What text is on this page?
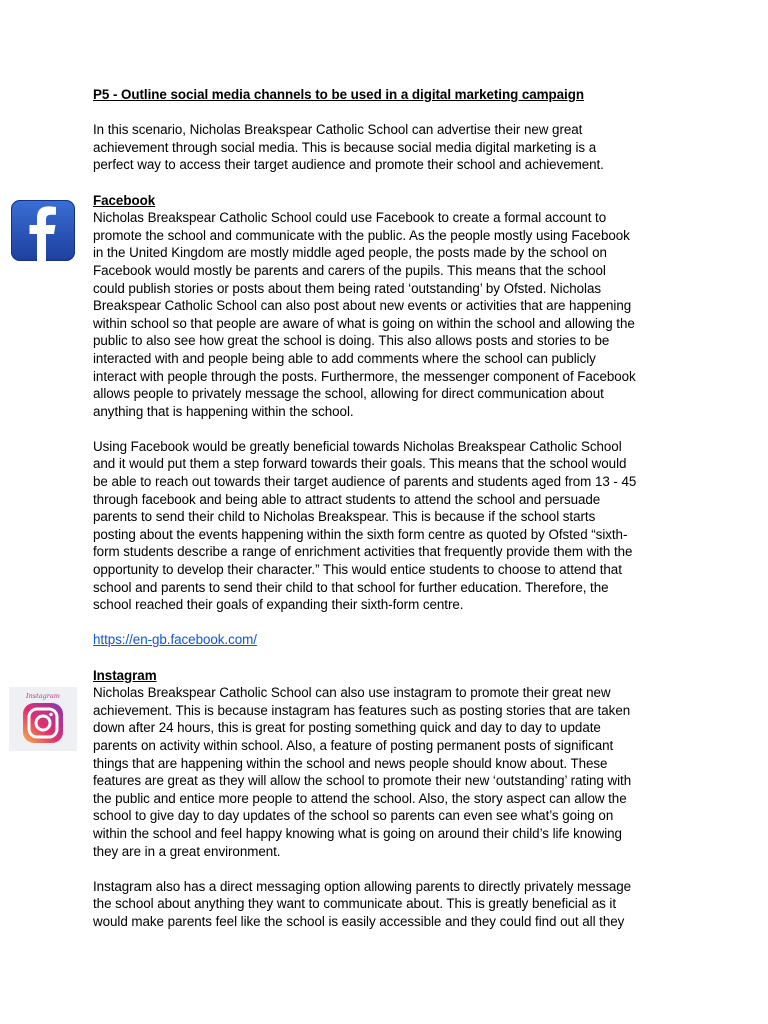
Instagram

P5 - Outline social media channels to be used in a digital marketing campaign

In this scenario, Nicholas Breakspear Catholic School can advertise their new great

achievement through social media. This is because social media digital marketing is a

perfect way to access their target audience and promote their school and achievement.

Facebook

Nicholas Breakspear Catholic School could use Facebook to create a formal account to

promote the school and communicate with the public. As the people mostly using Facebook

in the United Kingdom are mostly middle aged people, the posts made by the school on

Facebook would mostly be parents and carers of the pupils. This means that the school

could publish stories or posts about them being rated ‘outstanding’ by Ofsted. Nicholas

Breakspear Catholic School can also post about new events or activities that are happening

within school so that people are aware of what is going on within the school and allowing the

public to also see how great the school is doing. This also allows posts and stories to be

interacted with and people being able to add comments where the school can publicly

interact with people through the posts. Furthermore, the messenger component of Facebook

allows people to privately message the school, allowing for direct communication about

anything that is happening within the school.

Using Facebook would be greatly beneficial towards Nicholas Breakspear Catholic School

and it would put them a step forward towards their goals. This means that the school would

be able to reach out towards their target audience of parents and students aged from 13 - 45

through facebook and being able to attract students to attend the school and persuade

parents to send their child to Nicholas Breakspear. This is because if the school starts

posting about the events happening within the sixth form centre as quoted by Ofsted “sixth-

form students describe a range of enrichment activities that frequently provide them with the

opportunity to develop their character.” This would entice students to choose to attend that

school and parents to send their child to that school for further education. Therefore, the

school reached their goals of expanding their sixth-form centre.

https://en-gb.facebook.com/

Instagram

Nicholas Breakspear Catholic School can also use instagram to promote their great new

achievement. This is because instagram has features such as posting stories that are taken

down after 24 hours, this is great for posting something quick and day to day to update

parents on activity within school. Also, a feature of posting permanent posts of significant

things that are happening within the school and news people should know about. These

features are great as they will allow the school to promote their new ‘outstanding’ rating with

the public and entice more people to attend the school. Also, the story aspect can allow the

school to give day to day updates of the school so parents can even see what’s going on

within the school and feel happy knowing what is going on around their child’s life knowing

they are in a great environment.

Instagram also has a direct messaging option allowing parents to directly privately message

the school about anything they want to communicate about. This is greatly beneficial as it

would make parents feel like the school is easily accessible and they could find out all they
